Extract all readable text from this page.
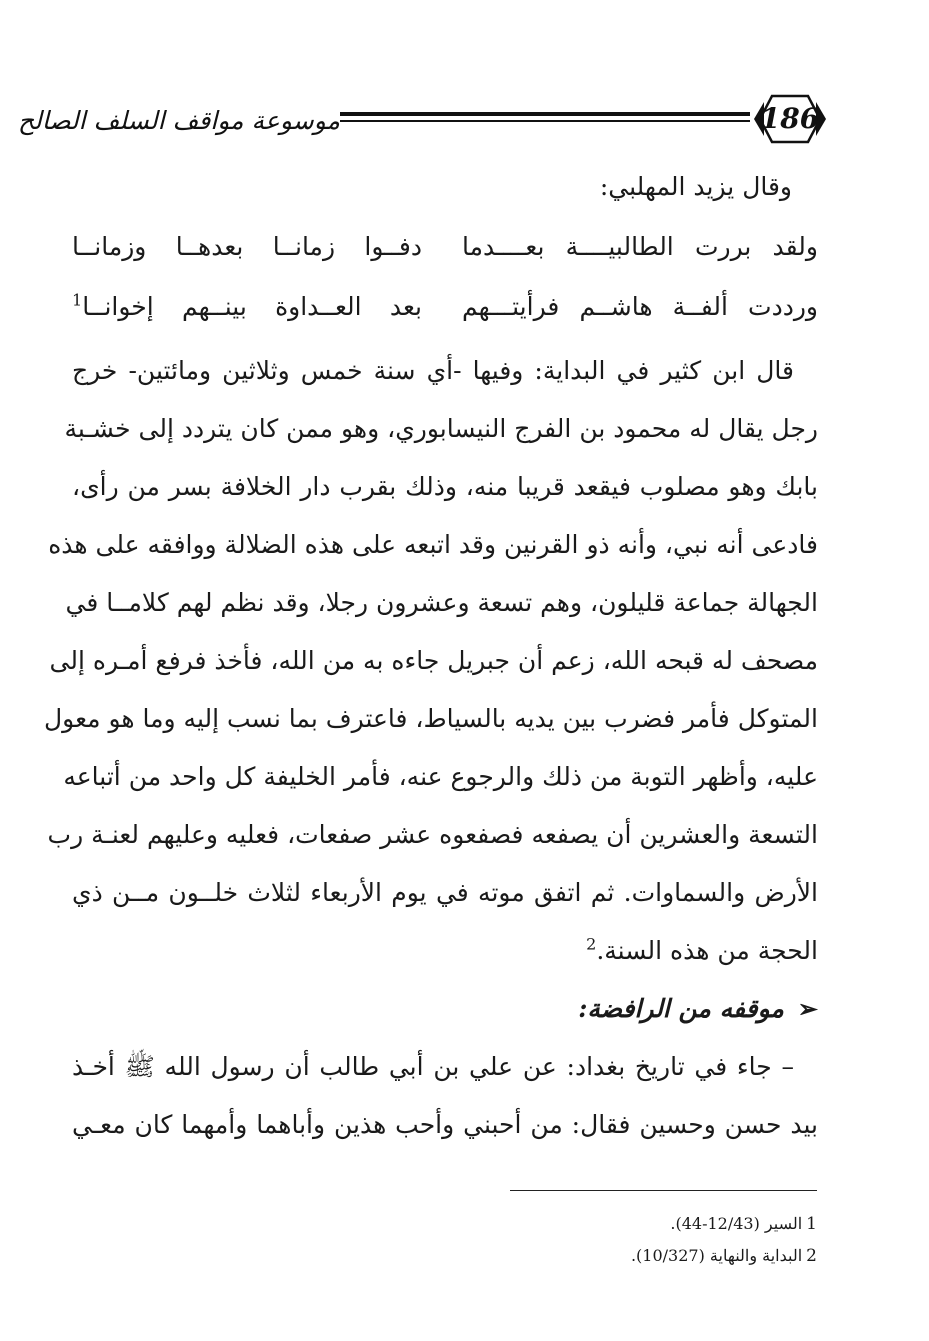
موسوعة مواقف السلف الصالح	186
وقال يزيد المهلبي:
ولقد بررت الطالبيــــة بعــــدما
دفــوا زمانــا بعدهــا وزمانــا
ورددت ألفــة هاشــم فرأيتـــهم
بعد العــداوة بينــهم إخوانــا$^1$
قال ابن كثير في البداية: وفيها -أي سنة خمس وثلاثين ومائتين- خرج
رجل يقال له محمود بن الفرج النيسابوري، وهو ممن كان يتردد إلى خشـبة
بابك وهو مصلوب فيقعد قريبا منه، وذلك بقرب دار الخلافة بسر من رأى،
فادعى أنه نبي، وأنه ذو القرنين وقد اتبعه على هذه الضلالة ووافقه على هذه
الجهالة جماعة قليلون، وهم تسعة وعشرون رجلا، وقد نظم لهم كلامــا في
مصحف له قبحه الله، زعم أن جبريل جاءه به من الله، فأخذ فرفع أمـره إلى
المتوكل فأمر فضرب بين يديه بالسياط، فاعترف بما نسب إليه وما هو معول
عليه، وأظهر التوبة من ذلك والرجوع عنه، فأمر الخليفة كل واحد من أتباعه
التسعة والعشرين أن يصفعه فصفعوه عشر صفعات، فعليه وعليهم لعنـة رب
الأرض والسماوات. ثم اتفق موته في يوم الأربعاء لثلاث خلــون مــن ذي
الحجة من هذه السنة.$^2$
➢موقفه من الرافضة:
– جاء في تاريخ بغداد: عن علي بن أبي طالب أن رسول الله ﷺ أخـذ
بيد حسن وحسين فقال: من أحبني وأحب هذين وأباهما وأمهما كان معـي
1السير (12/43-44).
2البداية والنهاية (10/327).
